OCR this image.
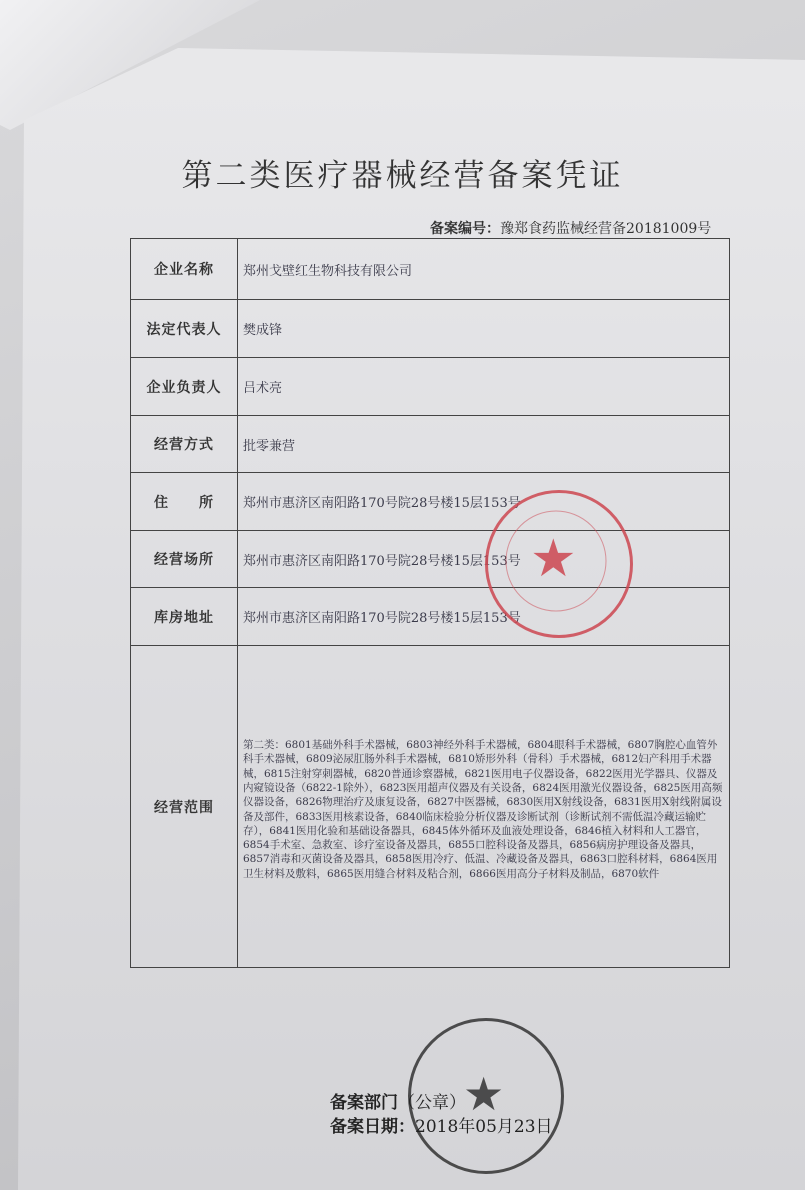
第二类医疗器械经营备案凭证
备案编号：豫郑食药监械经营备20181009号
企业名称	郑州戈壁红生物科技有限公司
法定代表人	樊成锋
企业负责人	吕术亮
经营方式	批零兼营
住　　所	郑州市惠济区南阳路170号院28号楼15层153号
经营场所	郑州市惠济区南阳路170号院28号楼15层153号
库房地址	郑州市惠济区南阳路170号院28号楼15层153号
经营范围	第二类：6801基础外科手术器械，6803神经外科手术器械，6804眼科手术器械，6807胸腔心血管外科手术器械，6809泌尿肛肠外科手术器械，6810矫形外科（骨科）手术器械，6812妇产科用手术器械，6815注射穿刺器械，6820普通诊察器械，6821医用电子仪器设备，6822医用光学器具、仪器及内窥镜设备（6822-1除外），6823医用超声仪器及有关设备，6824医用激光仪器设备，6825医用高频仪器设备，6826物理治疗及康复设备，6827中医器械，6830医用X射线设备，6831医用X射线附属设备及部件，6833医用核素设备，6840临床检验分析仪器及诊断试剂（诊断试剂不需低温冷藏运输贮存），6841医用化验和基础设备器具，6845体外循环及血液处理设备，6846植入材料和人工器官，6854手术室、急救室、诊疗室设备及器具，6855口腔科设备及器具，6856病房护理设备及器具，6857消毒和灭菌设备及器具，6858医用冷疗、低温、冷藏设备及器具，6863口腔科材料，6864医用卫生材料及敷料，6865医用缝合材料及粘合剂，6866医用高分子材料及制品，6870软件
★
★
备案部门（公章）
备案日期：2018年05月23日
